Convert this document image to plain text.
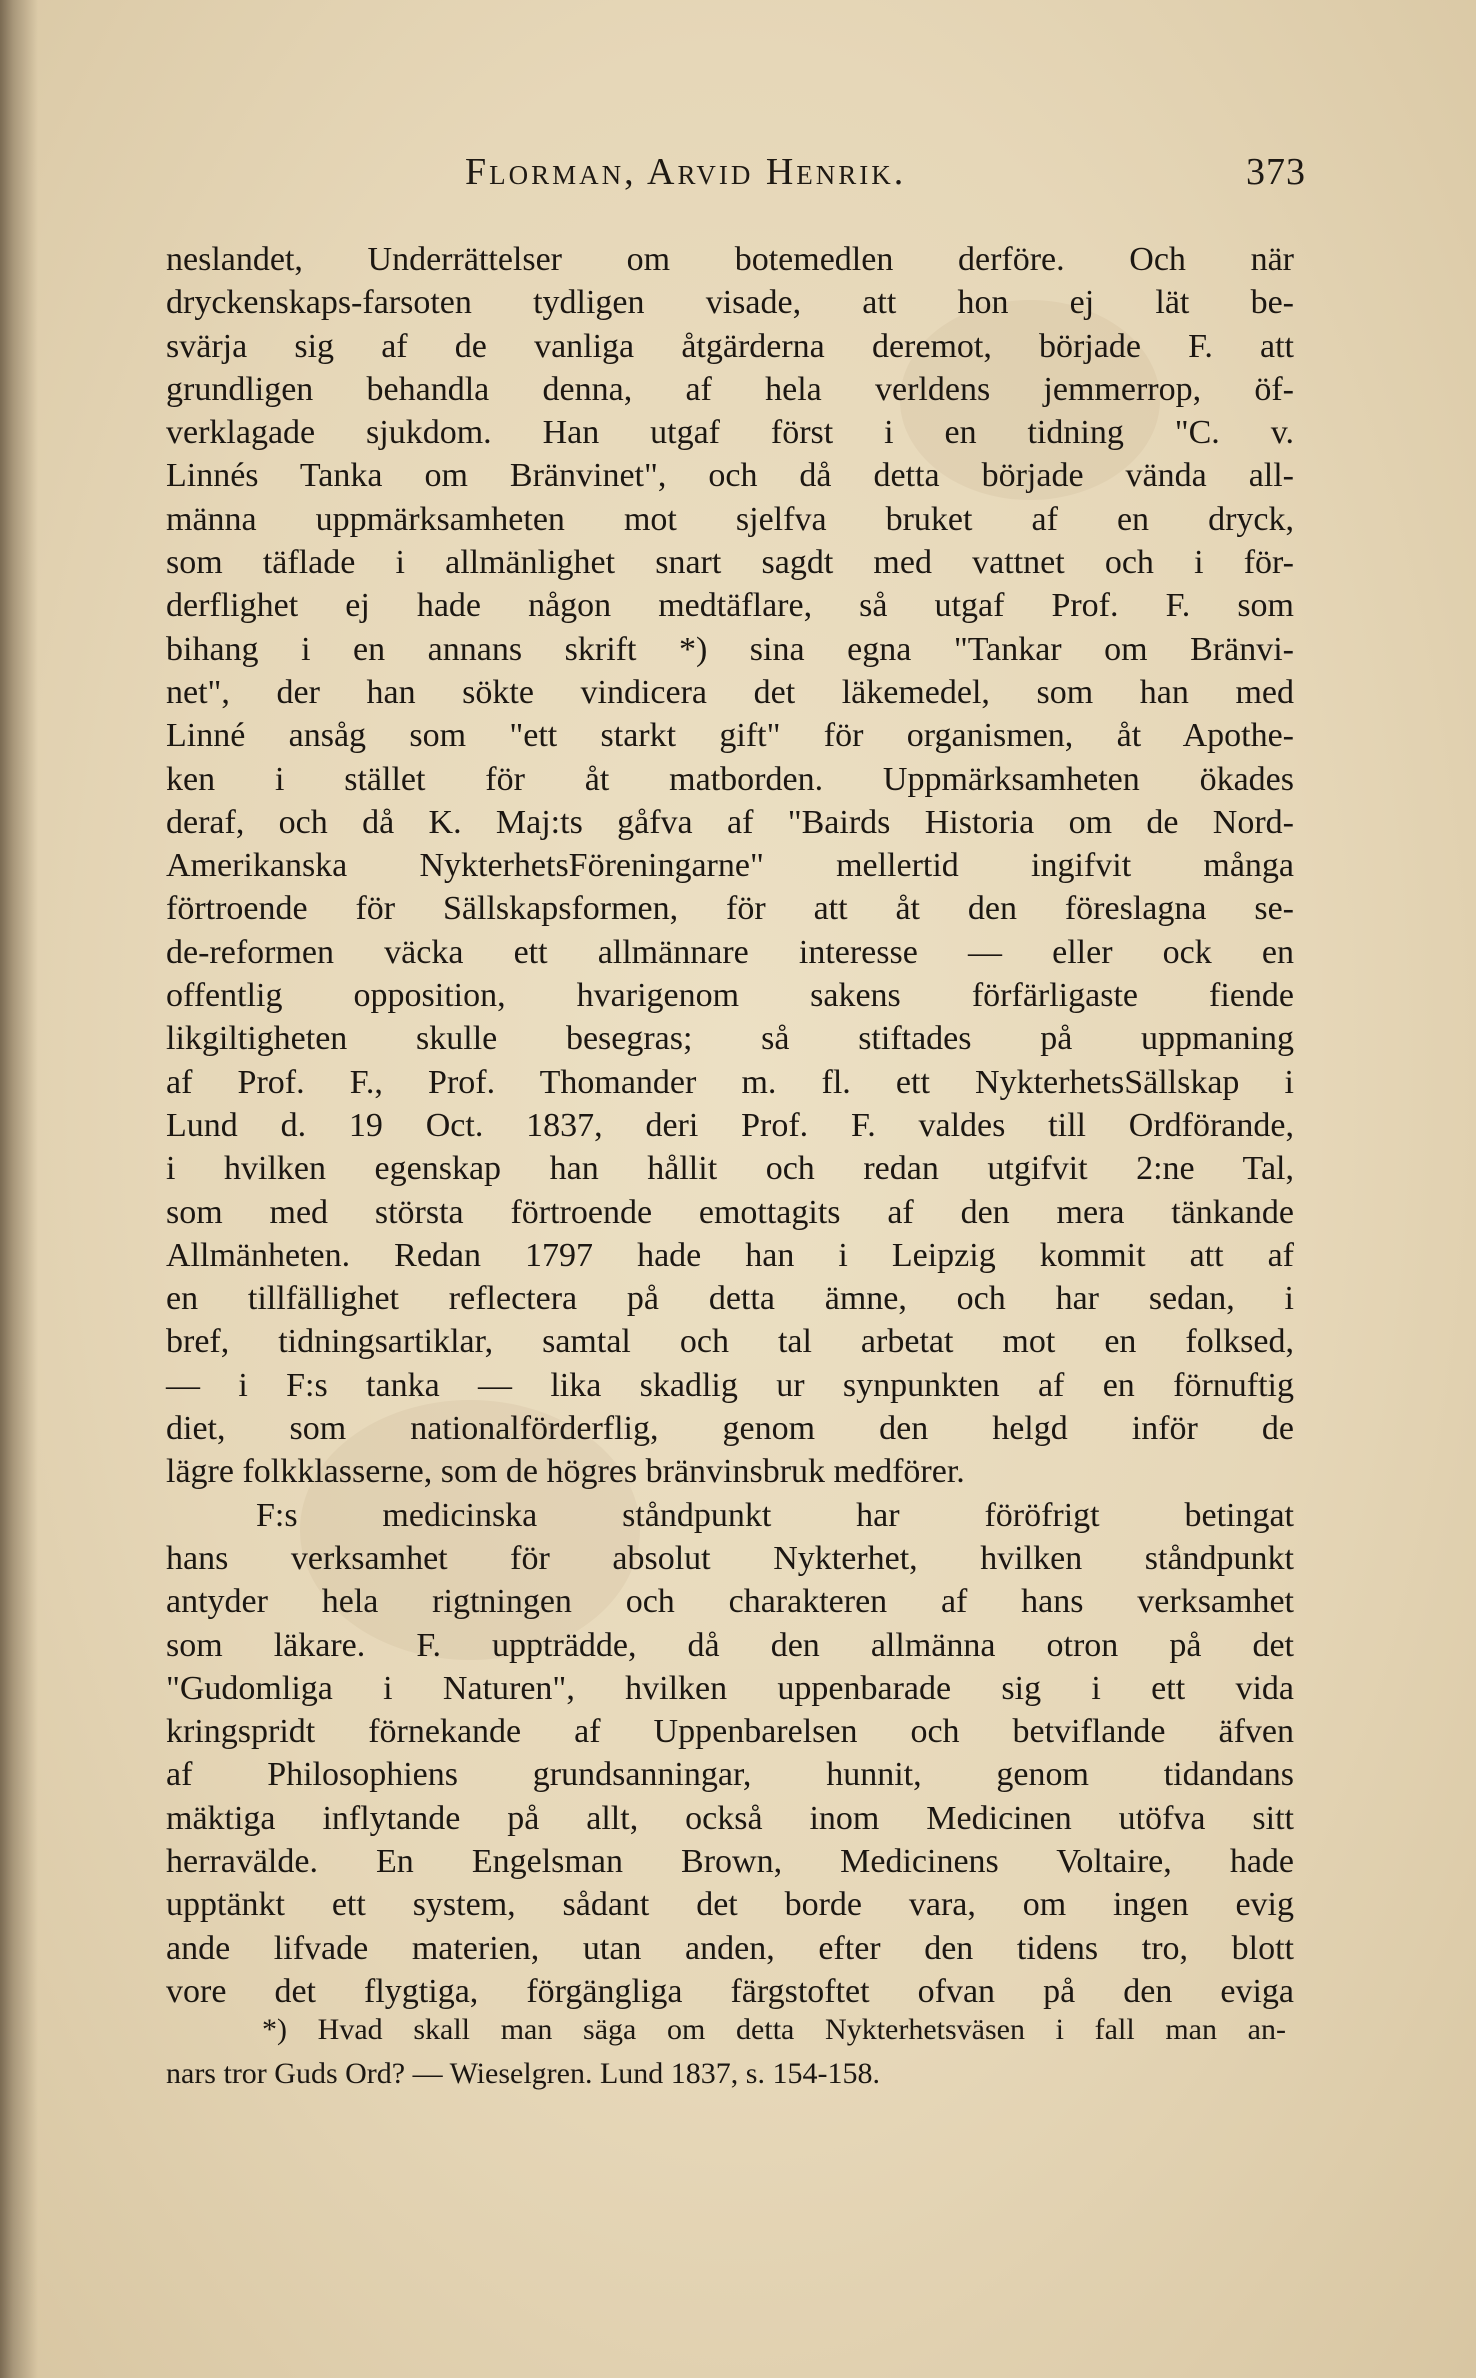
Florman, Arvid Henrik.	373
neslandet, Underrättelser om botemedlen derföre. Och när
dryckenskaps-farsoten tydligen visade, att hon ej lät be-
svärja sig af de vanliga åtgärderna deremot, började F. att
grundligen behandla denna, af hela verldens jemmerrop, öf-
verklagade sjukdom. Han utgaf först i en tidning "C. v.
Linnés Tanka om Bränvinet", och då detta började vända all-
männa uppmärksamheten mot sjelfva bruket af en dryck,
som täflade i allmänlighet snart sagdt med vattnet och i för-
derflighet ej hade någon medtäflare, så utgaf Prof. F. som
bihang i en annans skrift *) sina egna "Tankar om Bränvi-
net", der han sökte vindicera det läkemedel, som han med
Linné ansåg som "ett starkt gift" för organismen, åt Apothe-
ken i stället för åt matborden. Uppmärksamheten ökades
deraf, och då K. Maj:ts gåfva af "Bairds Historia om de Nord-
Amerikanska NykterhetsFöreningarne" mellertid ingifvit många
förtroende för Sällskapsformen, för att åt den föreslagna se-
de-reformen väcka ett allmännare interesse — eller ock en
offentlig opposition, hvarigenom sakens förfärligaste fiende
likgiltigheten skulle besegras; så stiftades på uppmaning
af Prof. F., Prof. Thomander m. fl. ett NykterhetsSällskap i
Lund d. 19 Oct. 1837, deri Prof. F. valdes till Ordförande,
i hvilken egenskap han hållit och redan utgifvit 2:ne Tal,
som med största förtroende emottagits af den mera tänkande
Allmänheten. Redan 1797 hade han i Leipzig kommit att af
en tillfällighet reflectera på detta ämne, och har sedan, i
bref, tidningsartiklar, samtal och tal arbetat mot en folksed,
— i F:s tanka — lika skadlig ur synpunkten af en förnuftig
diet, som nationalförderflig, genom den helgd inför de
lägre folkklasserne, som de högres bränvinsbruk medförer.
F:s medicinska ståndpunkt har föröfrigt betingat
hans verksamhet för absolut Nykterhet, hvilken ståndpunkt
antyder hela rigtningen och charakteren af hans verksamhet
som läkare. F. uppträdde, då den allmänna otron på det
"Gudomliga i Naturen", hvilken uppenbarade sig i ett vida
kringspridt förnekande af Uppenbarelsen och betviflande äfven
af Philosophiens grundsanningar, hunnit, genom tidandans
mäktiga inflytande på allt, också inom Medicinen utöfva sitt
herravälde. En Engelsman Brown, Medicinens Voltaire, hade
upptänkt ett system, sådant det borde vara, om ingen evig
ande lifvade materien, utan anden, efter den tidens tro, blott
vore det flygtiga, förgängliga färgstoftet ofvan på den eviga
*) Hvad skall man säga om detta Nykterhetsväsen i fall man an-
nars tror Guds Ord? — Wieselgren. Lund 1837, s. 154-158.
